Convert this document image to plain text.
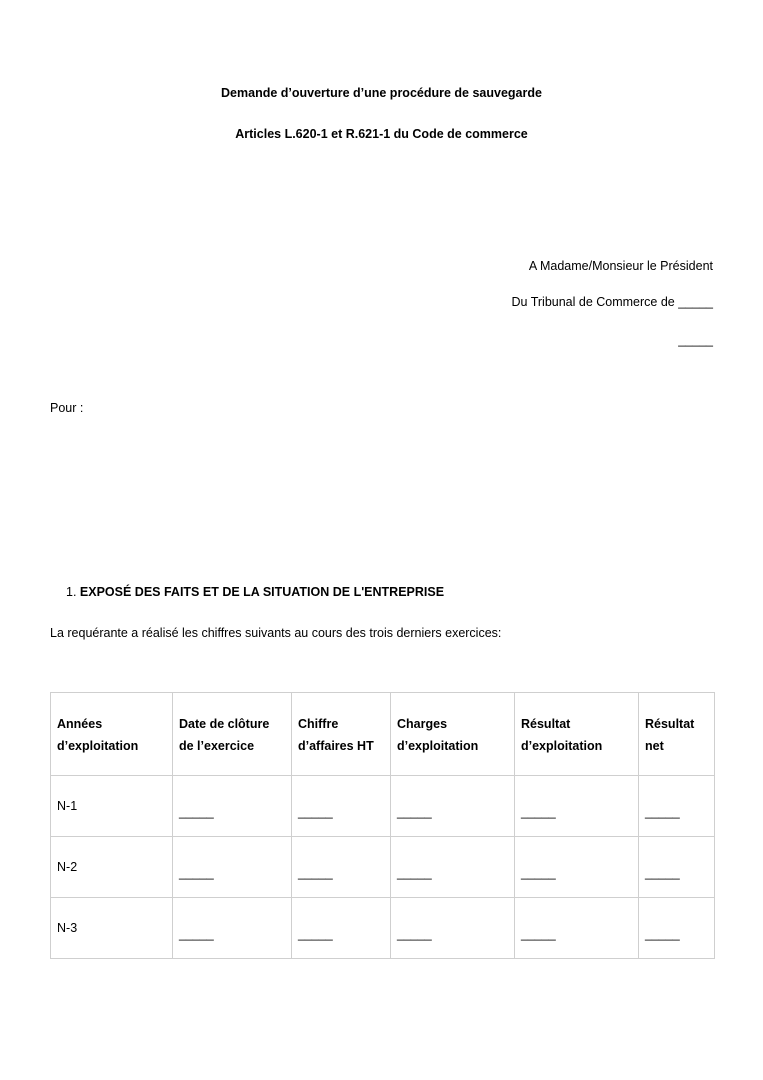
Demande d’ouverture d’une procédure de sauvegarde
Articles L.620-1 et R.621-1 du Code de commerce
A Madame/Monsieur le Président
Du Tribunal de Commerce de _____
_____
Pour :
1. EXPOSÉ DES FAITS ET DE LA SITUATION DE L'ENTREPRISE
La requérante a réalisé les chiffres suivants au cours des trois derniers exercices:
Années d’exploitation	Date de clôture de l’exercice	Chiffre d’affaires HT	Charges d’exploitation	Résultat d’exploitation	Résultat net
N-1	_____	_____	_____	_____	_____
N-2	_____	_____	_____	_____	_____
N-3	_____	_____	_____	_____	_____
